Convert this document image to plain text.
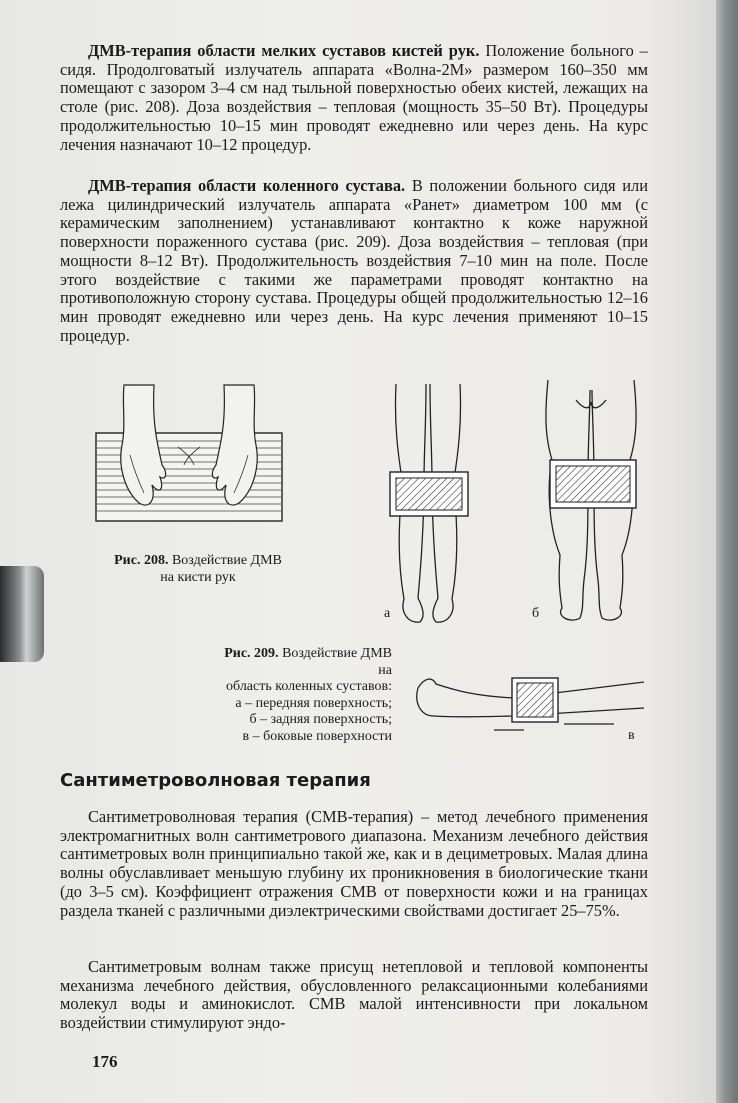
ДМВ-терапия области мелких суставов кистей рук. Положение больного – сидя. Продолговатый излучатель аппарата «Волна-2М» размером 160–350 мм помещают с зазором 3–4 см над тыльной поверхностью обеих кистей, лежащих на столе (рис. 208). Доза воздействия – тепловая (мощность 35–50 Вт). Процедуры продолжительностью 10–15 мин проводят ежедневно или через день. На курс лечения назначают 10–12 процедур.

ДМВ-терапия области коленного сустава. В положении больного сидя или лежа цилиндрический излучатель аппарата «Ранет» диаметром 100 мм (с керамическим заполнением) устанавливают контактно к коже наружной поверхности пораженного сустава (рис. 209). Доза воздействия – тепловая (при мощности 8–12 Вт). Продолжительность воздействия 7–10 мин на поле. После этого воздействие с такими же параметрами проводят контактно на противоположную сторону сустава. Процедуры общей продолжительностью 12–16 мин проводят ежедневно или через день. На курс лечения применяют 10–15 процедур.

Рис. 208. Воздействие ДМВ
на кисти рук
а	б
в
Рис. 209. Воздействие ДМВ на
область коленных суставов:
а – передняя поверхность;
б – задняя поверхность;
в – боковые поверхности
Сантиметроволновая терапия

Сантиметроволновая терапия (СМВ-терапия) – метод лечебного применения электромагнитных волн сантиметрового диапазона. Механизм лечебного действия сантиметровых волн принципиально такой же, как и в дециметровых. Малая длина волны обуславливает меньшую глубину их проникновения в биологические ткани (до 3–5 см). Коэффициент отражения СМВ от поверхности кожи и на границах раздела тканей с различными диэлектрическими свойствами достигает 25–75%.

Сантиметровым волнам также присущ нетепловой и тепловой компоненты механизма лечебного действия, обусловленного релаксационными колебаниями молекул воды и аминокислот. СМВ малой интенсивности при локальном воздействии стимулируют эндо-

176
